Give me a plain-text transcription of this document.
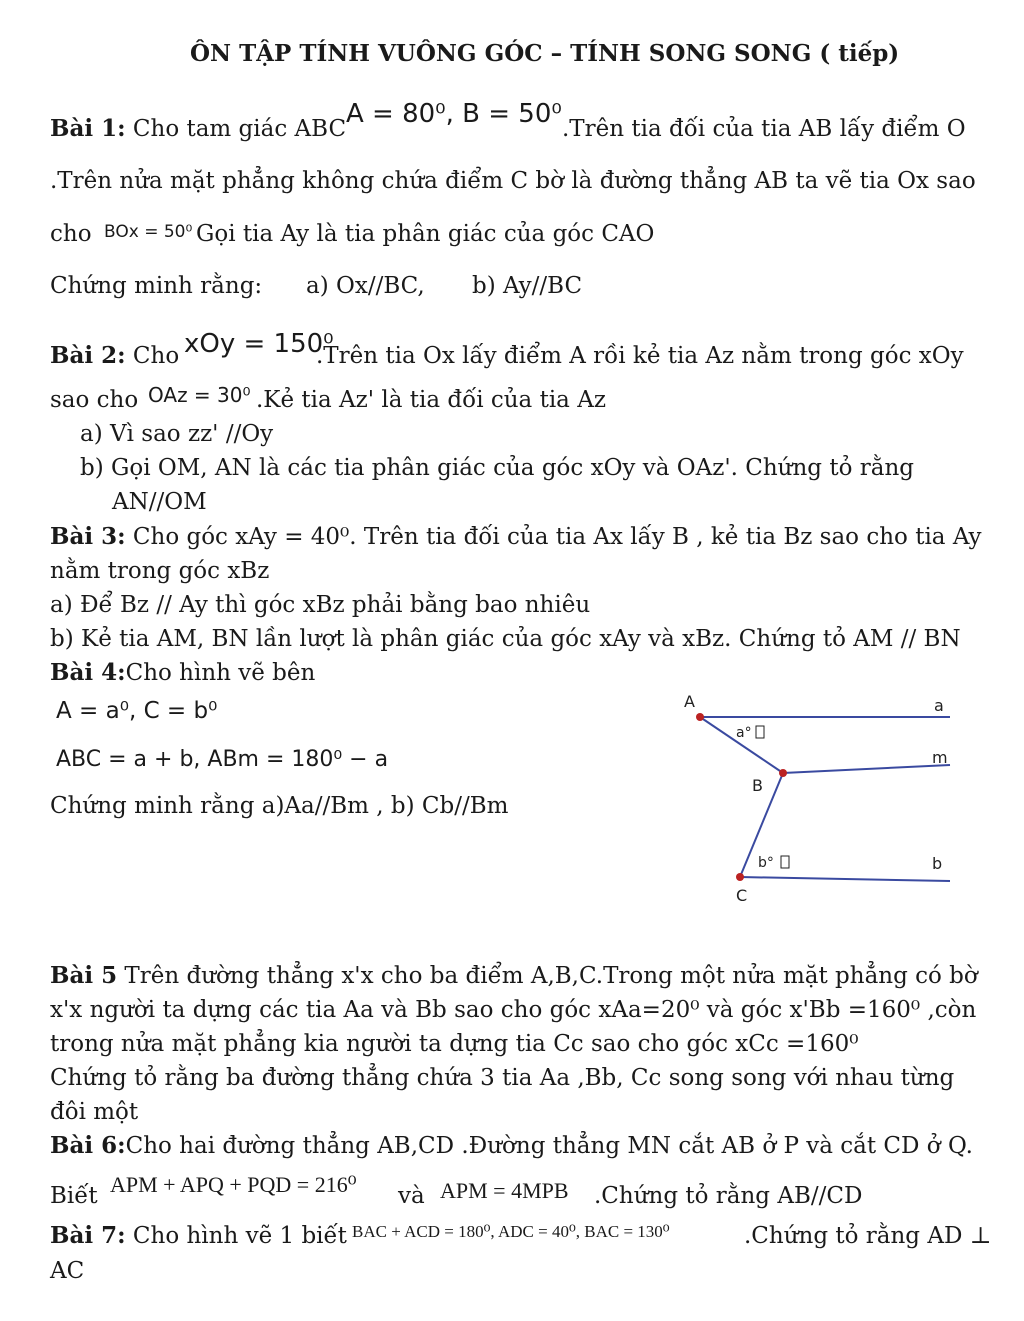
ÔN TẬP TÍNH VUÔNG GÓC – TÍNH SONG SONG ( tiếp)
Bài 1: Cho tam giác ABC A = 80⁰, B = 50⁰ .Trên tia đối của tia AB lấy điểm O
.Trên nửa mặt phẳng không chứa điểm C bờ là đường thẳng AB ta vẽ tia Ox sao
cho BOx = 50⁰ Gọi tia Ay là tia phân giác của góc CAO
Chứng minh rằng: a) Ox//BC, b) Ay//BC
Bài 2: Cho xOy = 150⁰
.Trên tia Ox lấy điểm A rồi kẻ tia Az nằm trong góc xOy
sao cho OAz = 30⁰ .Kẻ tia Az' là tia đối của tia Az
a) Vì sao zz' //Oy
b) Gọi OM, AN là các tia phân giác của góc xOy và OAz'. Chứng tỏ rằng
AN//OM
Bài 3: Cho góc xAy = 40⁰. Trên tia đối của tia Ax lấy B , kẻ tia Bz sao cho tia Ay
nằm trong góc xBz
a) Để Bz // Ay thì góc xBz phải bằng bao nhiêu
b) Kẻ tia AM, BN lần lượt là phân giác của góc xAy và xBz. Chứng tỏ AM // BN
Bài 4:Cho hình vẽ bên
A = a⁰, C = b⁰
ABC = a + b, ABm = 180⁰ − a
Chứng minh rằng a)Aa//Bm , b) Cb//Bm
A
B
C
a
m
b
a°
b°
Bài 5 Trên đường thẳng x'x cho ba điểm A,B,C.Trong một nửa mặt phẳng có bờ
x'x người ta dựng các tia Aa và Bb sao cho góc xAa=20⁰ và góc x'Bb =160⁰ ,còn
trong nửa mặt phẳng kia người ta dựng tia Cc sao cho góc xCc =160⁰
Chứng tỏ rằng ba đường thẳng chứa 3 tia Aa ,Bb, Cc song song với nhau từng
đôi một
Bài 6:Cho hai đường thẳng AB,CD .Đường thẳng MN cắt AB ở P và cắt CD ở Q.
Biết APM + APQ + PQD = 216⁰ và APM = 4MPB .Chứng tỏ rằng AB//CD
Bài 7: Cho hình vẽ 1 biết BAC + ACD = 180⁰, ADC = 40⁰, BAC = 130⁰	.Chứng tỏ rằng AD ⊥
AC
